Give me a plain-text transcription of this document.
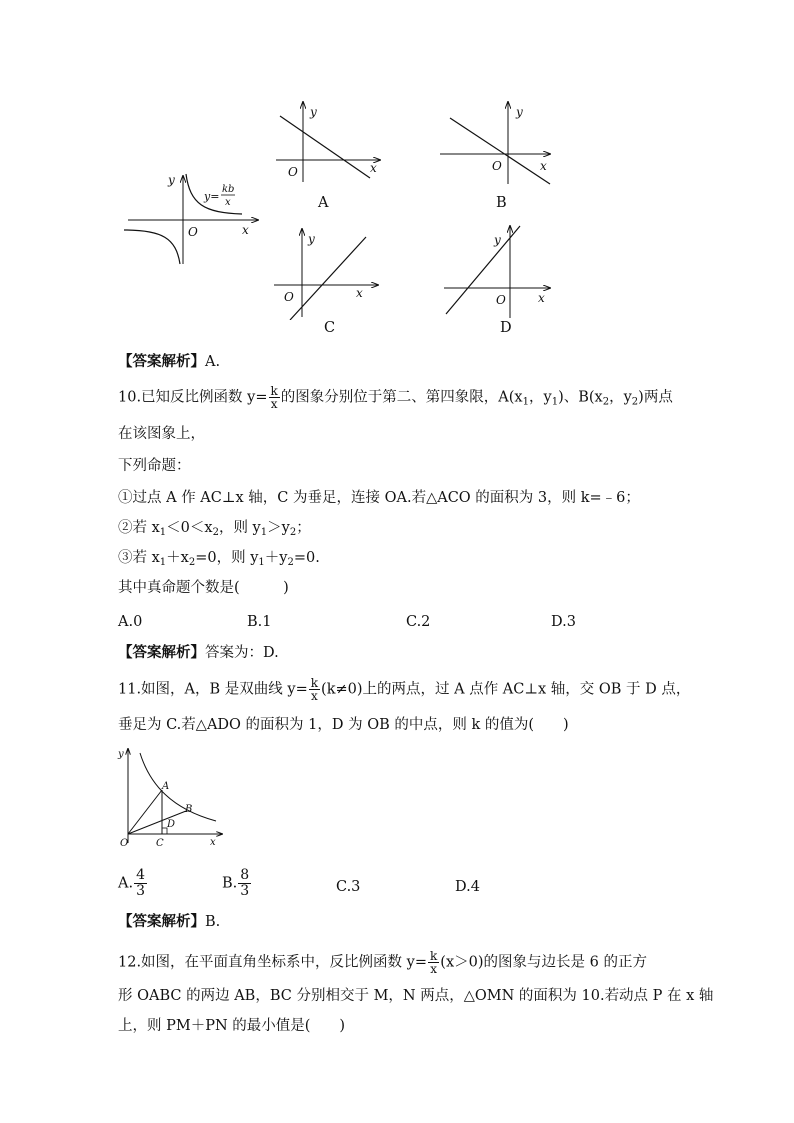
y
x
O
y=
kb
x
y
x
O
A
y
x
O
B
y
x
O
C
y
x
O
D
【答案解析】A.
10.已知反比例函数 $y= \frac{k}{x}$ 的图象分别位于第二、第四象限，$A(x_1$，$y_1$)、$B(x_2$，$y_2$)两点
在该图象上，
下列命题：
①过点 A 作 AC⊥x 轴，C 为垂足，连接 OA.若△ACO 的面积为 3，则 k=﹣6；
②若 $x_1<0<x_2$，则 $y_1>y_2$；
③若 $x_1+x_2=0$，则 $y_1+y_2=0$.
其中真命题个数是(　　　)
A.0	B.1	C.2	D.3
【答案解析】答案为：D.
11.如图，A，B 是双曲线 $y= \frac{k}{x} (k\ne 0)$上的两点，过 A 点作 AC⊥x 轴，交 OB 于 D 点，
垂足为 C.若△ADO 的面积为 1，D 为 OB 的中点，则 k 的值为(　　)
y
x
O
A
B
C
D
A. $\frac{4}{3}$	B. $\frac{8}{3}$	C.3	D.4
【答案解析】B.
12.如图，在平面直角坐标系中，反比例函数 $y= \frac{k}{x} (x>0)$的图象与边长是 6 的正方
形 OABC 的两边 AB，BC 分别相交于 M，N 两点，△OMN 的面积为 10.若动点 P 在 x 轴
上，则 PM＋PN 的最小值是(　　)
